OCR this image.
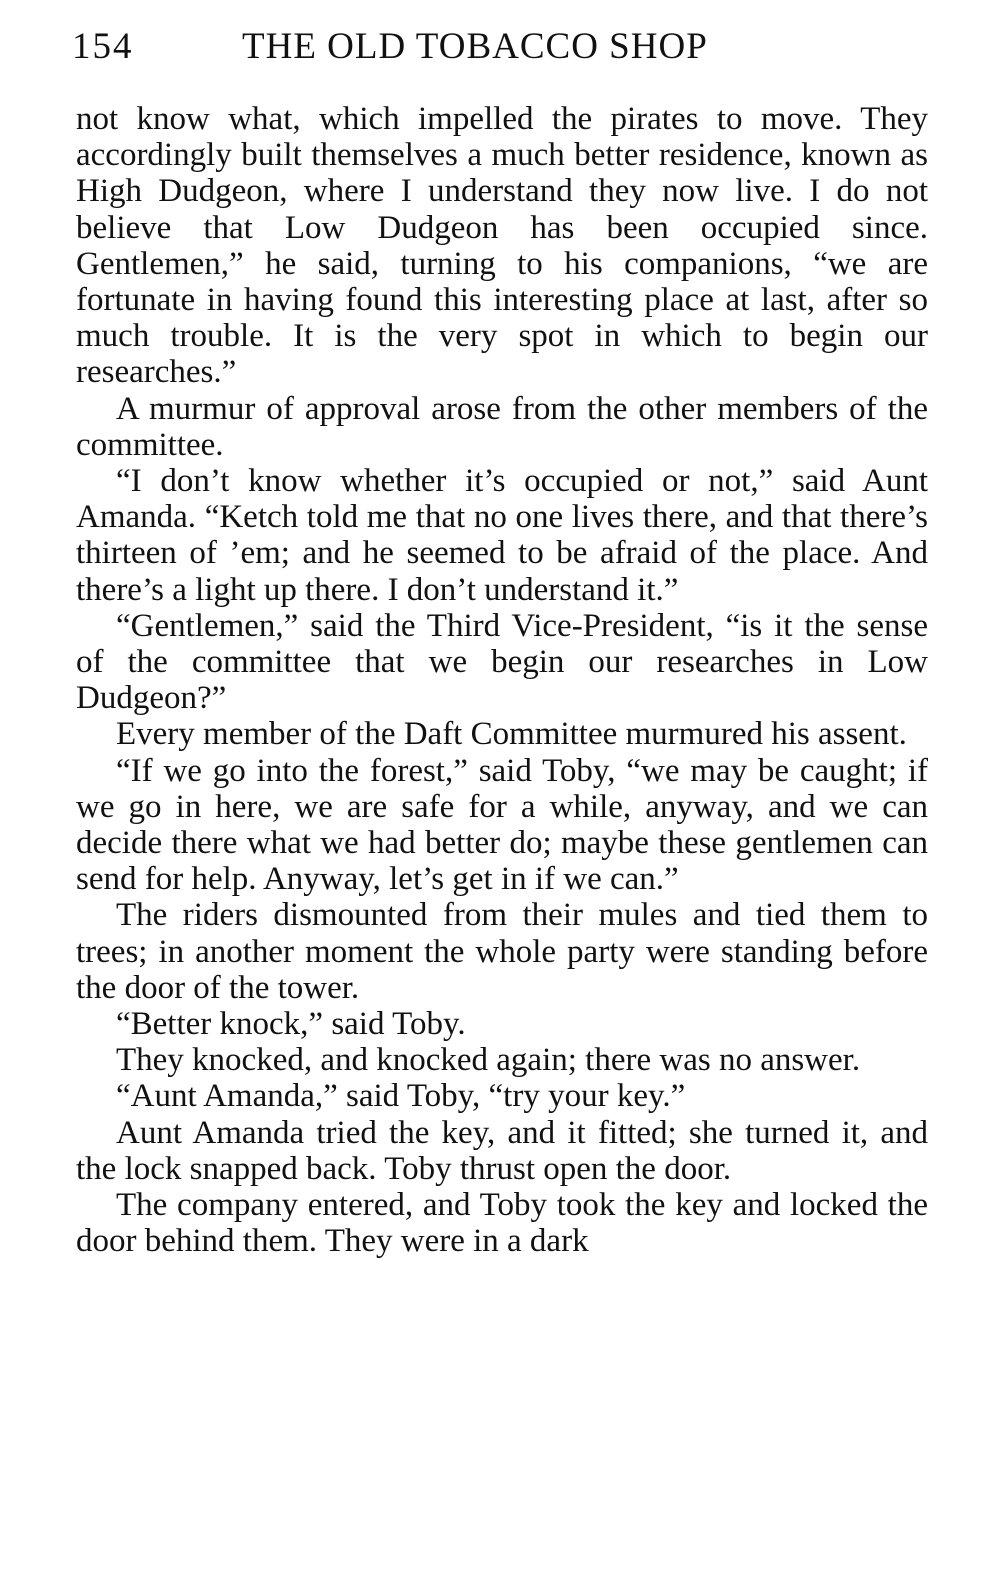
154	THE OLD TOBACCO SHOP

not know what, which impelled the pirates to move. They accordingly built themselves a much better residence, known as High Dudgeon, where I understand they now live. I do not believe that Low Dudgeon has been occupied since. Gentlemen,” he said, turning to his companions, “we are fortunate in having found this interesting place at last, after so much trouble. It is the very spot in which to begin our researches.”

A murmur of approval arose from the other members of the committee.

“I don’t know whether it’s occupied or not,” said Aunt Amanda. “Ketch told me that no one lives there, and that there’s thirteen of ’em; and he seemed to be afraid of the place. And there’s a light up there. I don’t understand it.”

“Gentlemen,” said the Third Vice-President, “is it the sense of the committee that we begin our researches in Low Dudgeon?”

Every member of the Daft Committee murmured his assent.

“If we go into the forest,” said Toby, “we may be caught; if we go in here, we are safe for a while, anyway, and we can decide there what we had better do; maybe these gentlemen can send for help. Anyway, let’s get in if we can.”

The riders dismounted from their mules and tied them to trees; in another moment the whole party were standing before the door of the tower.

“Better knock,” said Toby.

They knocked, and knocked again; there was no answer.

“Aunt Amanda,” said Toby, “try your key.”

Aunt Amanda tried the key, and it fitted; she turned it, and the lock snapped back. Toby thrust open the door.

The company entered, and Toby took the key and locked the door behind them. They were in a dark
